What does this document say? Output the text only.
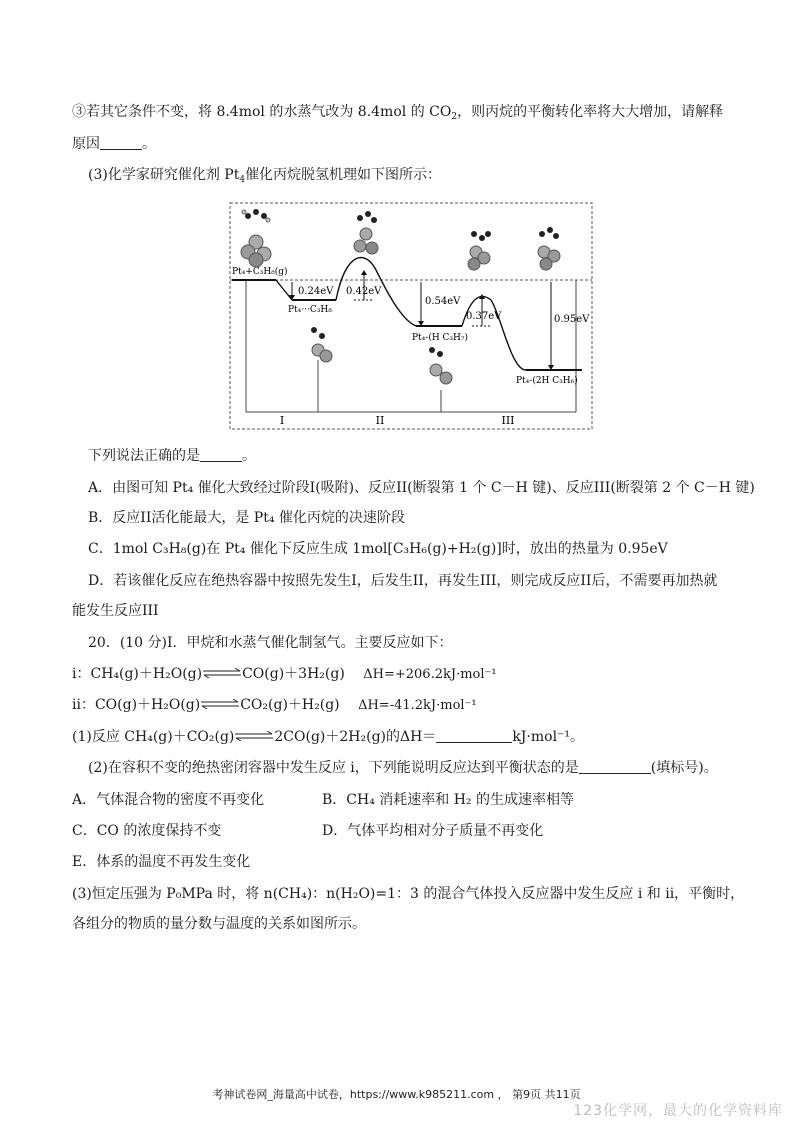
③若其它条件不变，将 8.4mol 的水蒸气改为 8.4mol 的 $CO_2$，则丙烷的平衡转化率将大大增加，请解释
原因	。
(3)化学家研究催化剂 $Pt_4$催化丙烷脱氢机理如下图所示：
I	II	III
0.24eV 0.42eV
0.54eV
0.37eV	0.95eV
Pt₄+C₃H₈(g)
Pt₄···C₃H₈
Pt₄-(H C₃H₇)
Pt₄-(2H C₃H₆)
下列说法正确的是	。
A．由图可知 Pt₄ 催化大致经过阶段I(吸附)、反应II(断裂第 1 个 C－H 键)、反应III(断裂第 2 个 C－H 键)
B．反应II活化能最大，是 Pt₄ 催化丙烷的决速阶段
C．1mol C₃H₈(g)在 Pt₄ 催化下反应生成 1mol[C₃H₆(g)+H₂(g)]时，放出的热量为 0.95eV
D．若该催化反应在绝热容器中按照先发生I，后发生II，再发生III，则完成反应II后，不需要再加热就
能发生反应III
20．(10 分)I．甲烷和水蒸气催化制氢气。主要反应如下：
i：CH₄(g)＋H₂O(g)⇌CO(g)＋3H₂(g) ΔH=+206.2kJ·mol⁻¹
ii：CO(g)＋H₂O(g)⇌CO₂(g)＋H₂(g) ΔH=-41.2kJ·mol⁻¹
(1)反应 CH₄(g)＋CO₂(g)⇌2CO(g)＋2H₂(g)的ΔH＝	kJ·mol⁻¹。
(2)在容积不变的绝热密闭容器中发生反应 i，下列能说明反应达到平衡状态的是	(填标号)。
A．气体混合物的密度不再变化	B．CH₄ 消耗速率和 H₂ 的生成速率相等
C．CO 的浓度保持不变	D．气体平均相对分子质量不再变化
E．体系的温度不再发生变化
(3)恒定压强为 P₀MPa 时，将 n(CH₄)：n(H₂O)=1：3 的混合气体投入反应器中发生反应 i 和 ii，平衡时，
各组分的物质的量分数与温度的关系如图所示。
考神试卷网_海量高中试卷，https://www.k985211.com ， 第9页 共11页
123化学网，最大的化学资料库
